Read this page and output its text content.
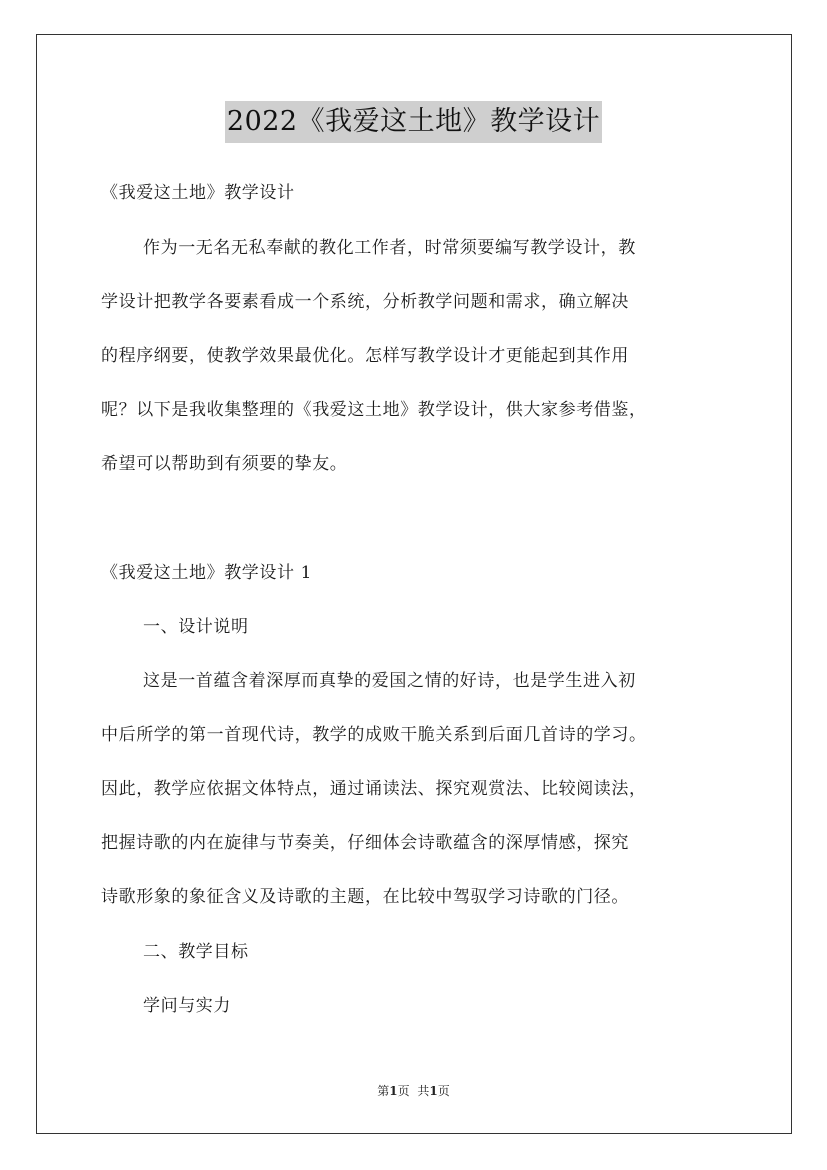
2022《我爱这土地》教学设计
《我爱这土地》教学设计
作为一无名无私奉献的教化工作者，时常须要编写教学设计，教
学设计把教学各要素看成一个系统，分析教学问题和需求，确立解决
的程序纲要，使教学效果最优化。怎样写教学设计才更能起到其作用
呢？以下是我收集整理的《我爱这土地》教学设计，供大家参考借鉴，
希望可以帮助到有须要的挚友。
《我爱这土地》教学设计 1
一、设计说明
这是一首蕴含着深厚而真挚的爱国之情的好诗，也是学生进入初
中后所学的第一首现代诗，教学的成败干脆关系到后面几首诗的学习。
因此，教学应依据文体特点，通过诵读法、探究观赏法、比较阅读法，
把握诗歌的内在旋律与节奏美，仔细体会诗歌蕴含的深厚情感，探究
诗歌形象的象征含义及诗歌的主题，在比较中驾驭学习诗歌的门径。
二、教学目标
学问与实力
第1页 共1页
